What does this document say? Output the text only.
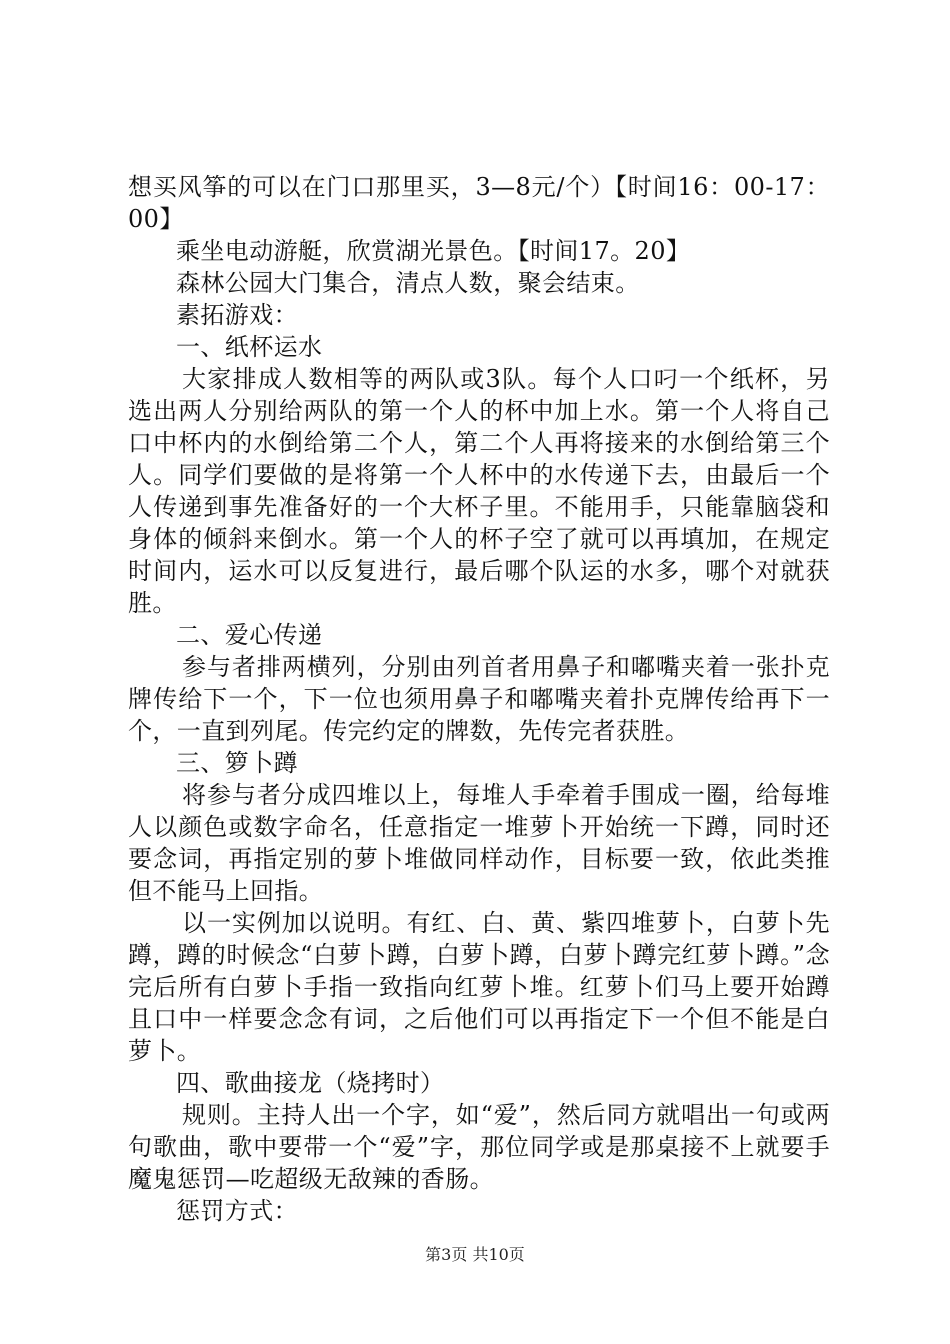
想买风筝的可以在门口那里买，3—8元/个）【时间16：00-17：00】

乘坐电动游艇，欣赏湖光景色。【时间17。20】

森林公园大门集合，清点人数，聚会结束。

素拓游戏：

一、纸杯运水

大家排成人数相等的两队或3队。每个人口叼一个纸杯，另选出两人分别给两队的第一个人的杯中加上水。第一个人将自己口中杯内的水倒给第二个人，第二个人再将接来的水倒给第三个人。同学们要做的是将第一个人杯中的水传递下去，由最后一个人传递到事先准备好的一个大杯子里。不能用手，只能靠脑袋和身体的倾斜来倒水。第一个人的杯子空了就可以再填加，在规定时间内，运水可以反复进行，最后哪个队运的水多，哪个对就获胜。

二、爱心传递

参与者排两横列，分别由列首者用鼻子和嘟嘴夹着一张扑克牌传给下一个，下一位也须用鼻子和嘟嘴夹着扑克牌传给再下一个，一直到列尾。传完约定的牌数，先传完者获胜。

三、箩卜蹲

将参与者分成四堆以上，每堆人手牵着手围成一圈，给每堆人以颜色或数字命名，任意指定一堆萝卜开始统一下蹲，同时还要念词，再指定别的萝卜堆做同样动作，目标要一致，依此类推但不能马上回指。

以一实例加以说明。有红、白、黄、紫四堆萝卜，白萝卜先蹲，蹲的时候念“白萝卜蹲，白萝卜蹲，白萝卜蹲完红萝卜蹲。”念完后所有白萝卜手指一致指向红萝卜堆。红萝卜们马上要开始蹲且口中一样要念念有词，之后他们可以再指定下一个但不能是白萝卜。

四、歌曲接龙（烧拷时）

规则。主持人出一个字，如“爱”，然后同方就唱出一句或两句歌曲，歌中要带一个“爱”字，那位同学或是那桌接不上就要手魔鬼惩罚—吃超级无敌辣的香肠。

惩罚方式：

第3页 共10页
